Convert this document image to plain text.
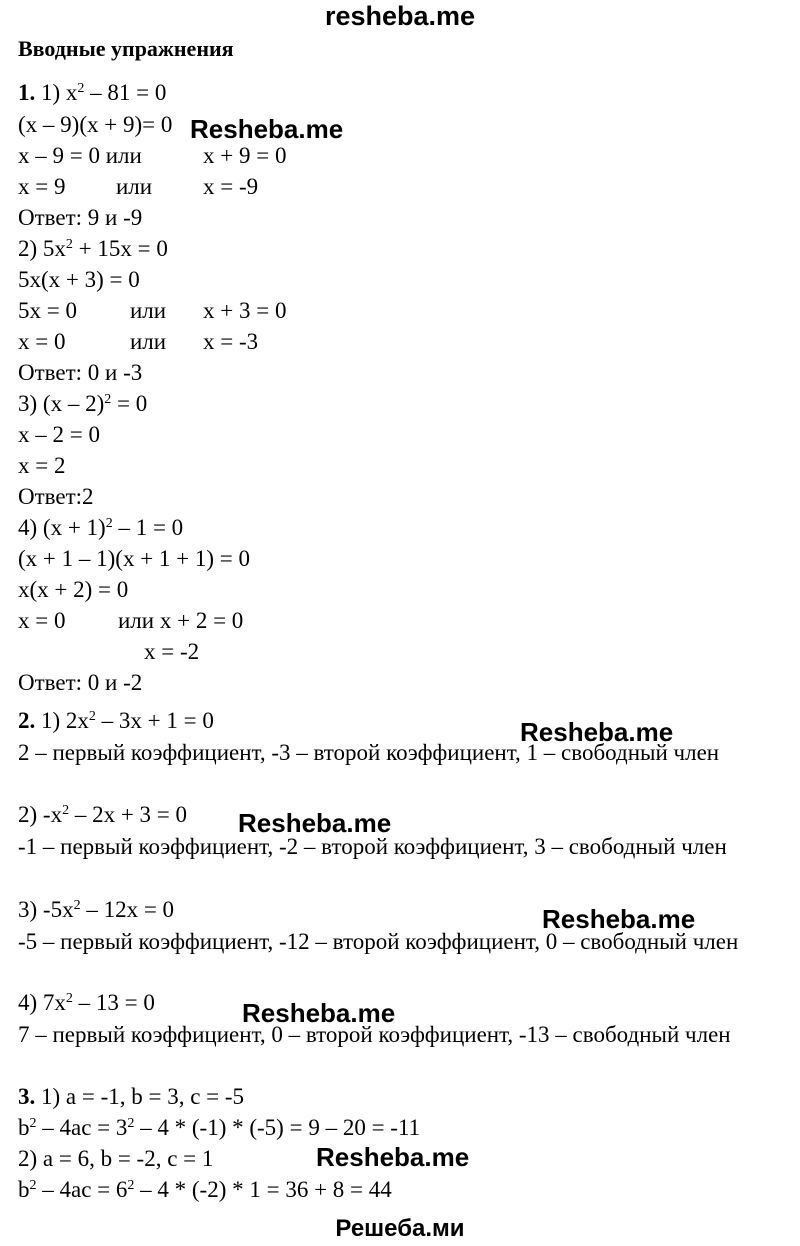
resheba.me
Вводные упражнения
1. 1) $x^2 - 81 = 0$
(x – 9)(x + 9)= 0
x – 9 = 0 или	x + 9 = 0
x = 9 или x = -9
Ответ: 9 и -9
2) $5x^2 + 15x = 0$
5x(x + 3) = 0
5x = 0 или x + 3 = 0
x = 0	или x = -3
Ответ: 0 и -3
3) (x – 2)$^2$ = 0
x – 2 = 0
x = 2
Ответ:2
4) $(x + 1)^2 - 1 = 0$
(x + 1 – 1)(x + 1 + 1) = 0
x(x + 2) = 0
x = 0 или x + 2 = 0
x = -2
Ответ: 0 и -2
2. 1) $2x^2 - 3x + 1 = 0$
2 – первый коэффициент, -3 – второй коэффициент, 1 – свободный член
2) $-x^2 - 2x + 3 = 0$
-1 – первый коэффициент, -2 – второй коэффициент, 3 – свободный член
3) $-5x^2 - 12x = 0$
-5 – первый коэффициент, -12 – второй коэффициент, 0 – свободный член
4) $7x^2 - 13 = 0$
7 – первый коэффициент, 0 – второй коэффициент, -13 – свободный член
3. 1) a = -1, b = 3, c = -5
$b^2 - 4ac = 3^2 - 4 * (-1) * (-5) = 9 - 20 = -11$
2) a = 6, b = -2, c = 1
$b^2 - 4ac = 6^2 - 4 * (-2) * 1 = 36 + 8 = 44$
Resheba.me
Resheba.me
Resheba.me
Resheba.me
Resheba.me
Resheba.me
Решеба.ми
